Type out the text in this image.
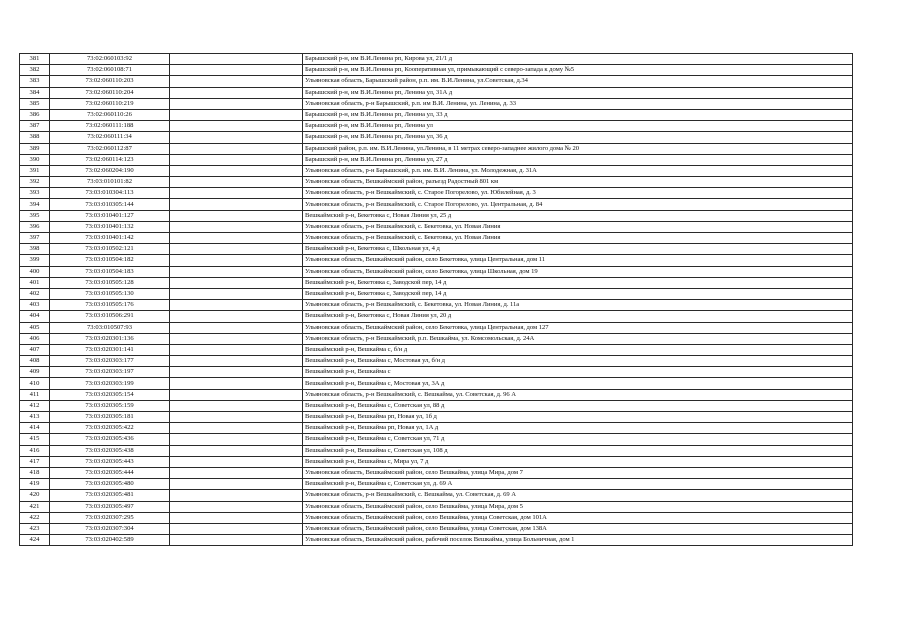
381	73:02:060103:92		Барышский р-н, им В.И.Ленина рп, Кирова ул, 21/1 д
382	73:02:060108:71		Барышский р-н, им В.И.Ленина рп, Кооперативная ул, примыкающий с северо-запада к дому №5
383	73:02:060110:203		Ульяновская область, Барышский район, р.п. им. В.И.Ленина, ул.Советская, д.34
384	73:02:060110:204		Барышский р-н, им В.И.Ленина рп, Ленина ул, 31А д
385	73:02:060110:219		Ульяновская область, р-н Барышский, р.п. им В.И. Ленина, ул. Ленина, д. 33
386	73:02:060110:26		Барышский р-н, им В.И.Ленина рп, Ленина ул, 33 д
387	73:02:060111:188		Барышский р-н, им В.И.Ленина рп, Ленина ул
388	73:02:060111:34		Барышский р-н, им В.И.Ленина рп, Ленина ул, 36 д
389	73:02:060112:87		Барышский район, р.п. им. В.И.Ленина, ул.Ленина, в 11 метрах северо-западнее жилого дома № 20
390	73:02:060114:123		Барышский р-н, им В.И.Ленина рп, Ленина ул, 27 д
391	73:02:060204:190		Ульяновская область, р-н Барышский, р.п. им. В.И. Ленина, ул. Молодежная, д. 31А
392	73:03:010101:82		Ульяновская область, Вешкаймский район, разъезд Радостный 801 км
393	73:03:010304:113		Ульяновская область, р-н Вешкаймский, с. Старое Погорелово, ул. Юбилейная, д. 3
394	73:03:010305:144		Ульяновская область, р-н Вешкаймский, с. Старое Погорелово, ул. Центральная, д. 84
395	73:03:010401:127		Вешкаймский р-н, Бекетовка с, Новая Линия ул, 25 д
396	73:03:010401:132		Ульяновская область, р-н Вешкаймский, с. Бекетовка, ул. Новая Линия
397	73:03:010401:142		Ульяновская область, р-н Вешкаймский, с. Бекетовка, ул. Новая Линия
398	73:03:010502:121		Вешкаймский р-н, Бекетовка с, Школьная ул, 4 д
399	73:03:010504:182		Ульяновская область, Вешкаймский район, село Бекетовка, улица Центральная, дом 11
400	73:03:010504:183		Ульяновская область, Вешкаймский район, село Бекетовка, улица Школьная, дом 19
401	73:03:010505:128		Вешкаймский р-н, Бекетовка с, Заводской пер, 14 д
402	73:03:010505:130		Вешкаймский р-н, Бекетовка с, Заводской пер, 14 д
403	73:03:010505:176		Ульяновская область, р-н Вешкаймский, с. Бекетовка, ул. Новая Линия, д. 11а
404	73:03:010506:291		Вешкаймский р-н, Бекетовка с, Новая Линия ул, 20 д
405	73:03:010507:93		Ульяновская область, Вешкаймский район, село Бекетовка, улица Центральная, дом 127
406	73:03:020301:136		Ульяновская область, р-н Вешкаймский, р.п. Вешкайма, ул. Комсомольская, д. 24А
407	73:03:020301:141		Вешкаймский р-н, Вешкайма с, б/н д
408	73:03:020303:177		Вешкаймский р-н, Вешкайма с, Мостовая ул, б/н д
409	73:03:020303:197		Вешкаймский р-н, Вешкайма с
410	73:03:020303:199		Вешкаймский р-н, Вешкайма с, Мостовая ул, 3А д
411	73:03:020305:154		Ульяновская область, р-н Вешкаймский, с. Вешкайма, ул. Советская, д. 96 А
412	73:03:020305:159		Вешкаймский р-н, Вешкайма с, Советская ул, 88 д
413	73:03:020305:181		Вешкаймский р-н, Вешкайма рп, Новая ул, 1б д
414	73:03:020305:422		Вешкаймский р-н, Вешкайма рп, Новая ул, 1А д
415	73:03:020305:436		Вешкаймский р-н, Вешкайма с, Советская ул, 71 д
416	73:03:020305:438		Вешкаймский р-н, Вешкайма с, Советская ул, 108 д
417	73:03:020305:443		Вешкаймский р-н, Вешкайма с, Мира ул, 7 д
418	73:03:020305:444		Ульяновская область, Вешкаймский район, село Вешкайма, улица Мира, дом 7
419	73:03:020305:480		Вешкаймский р-н, Вешкайма с, Советская ул, д. 69 А
420	73:03:020305:481		Ульяновская область, р-н Вешкаймский, с. Вешкайма, ул. Советская, д. 69 А
421	73:03:020305:497		Ульяновская область, Вешкаймский район, село Вешкайма, улица Мира, дом 5
422	73:03:020307:295		Ульяновская область, Вешкаймский район, село Вешкайма, улица Советская, дом 101А
423	73:03:020307:304		Ульяновская область, Вешкаймский район, село Вешкайма, улица Советская, дом 138А
424	73:03:020402:589		Ульяновская область, Вешкаймский район, рабочий поселок Вешкайма, улица Больничная, дом 1
